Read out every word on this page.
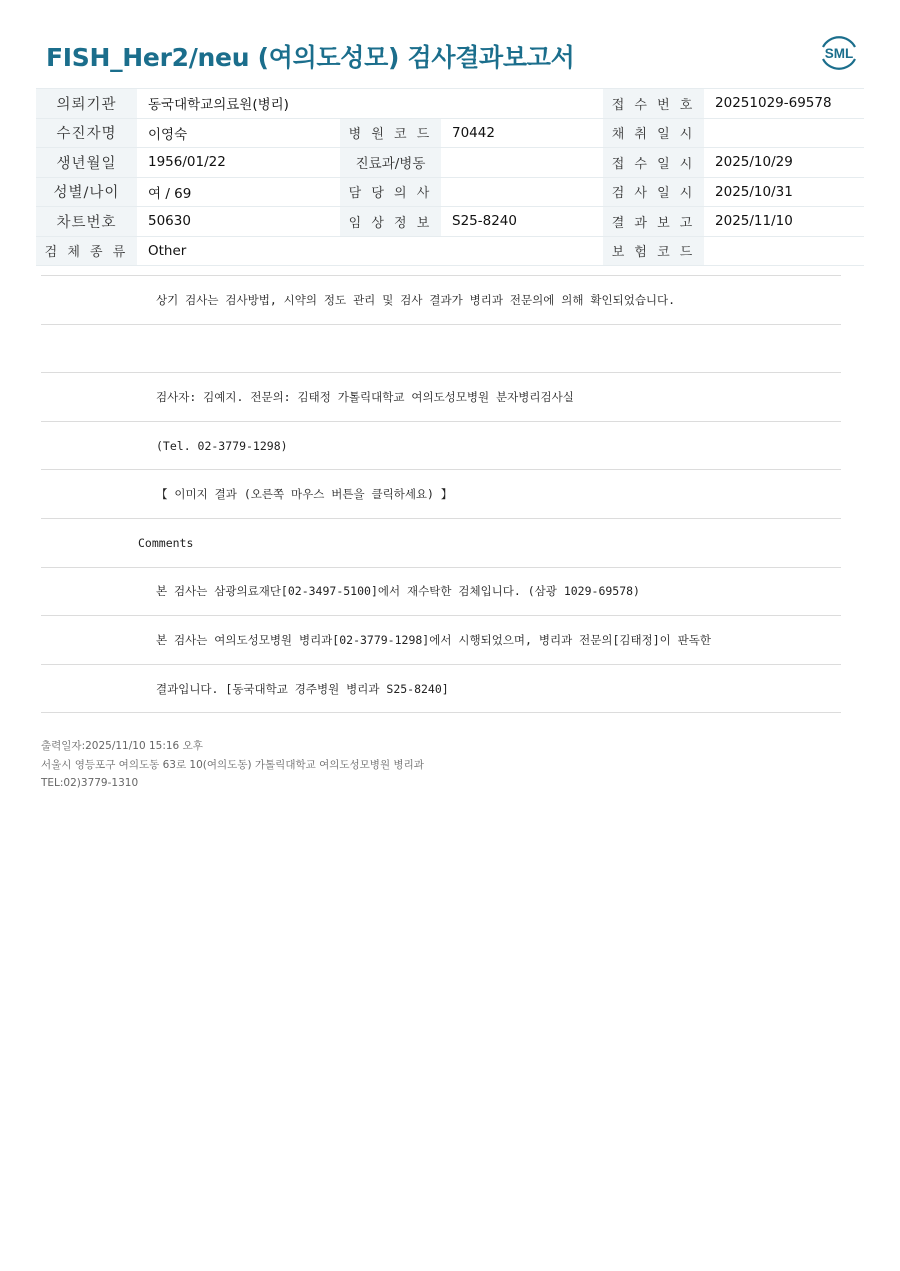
FISH_Her2/neu (여의도성모) 검사결과보고서	SML
의뢰기관	동국대학교의료원(병리)			접 수 번 호	20251029-69578
수진자명	이영숙	병 원 코 드	70442	채 취 일 시	
생년월일	1956/01/22	진료과/병동		접 수 일 시	2025/10/29
성별/나이	여 / 69	담 당 의 사		검 사 일 시	2025/10/31
차트번호	50630	임 상 정 보	S25-8240	결 과 보 고	2025/11/10
검 체 종 류	Other			보 험 코 드	
상기 검사는 검사방법, 시약의 정도 관리 및 검사 결과가 병리과 전문의에 의해 확인되었습니다.
검사자: 김예지. 전문의: 김태정 가톨릭대학교 여의도성모병원 분자병리검사실
(Tel. 02-3779-1298)
【 이미지 결과 (오른쪽 마우스 버튼을 클릭하세요) 】
Comments
본 검사는 삼광의료재단[02-3497-5100]에서 재수탁한 검체입니다. (삼광 1029-69578)
본 검사는 여의도성모병원 병리과[02-3779-1298]에서 시행되었으며, 병리과 전문의[김태정]이 판독한
결과입니다. [동국대학교 경주병원 병리과 S25-8240]
출력일자:2025/11/10 15:16 오후
서울시 영등포구 여의도동 63로 10(여의도동) 가톨릭대학교 여의도성모병원 병리과
TEL:02)3779-1310
